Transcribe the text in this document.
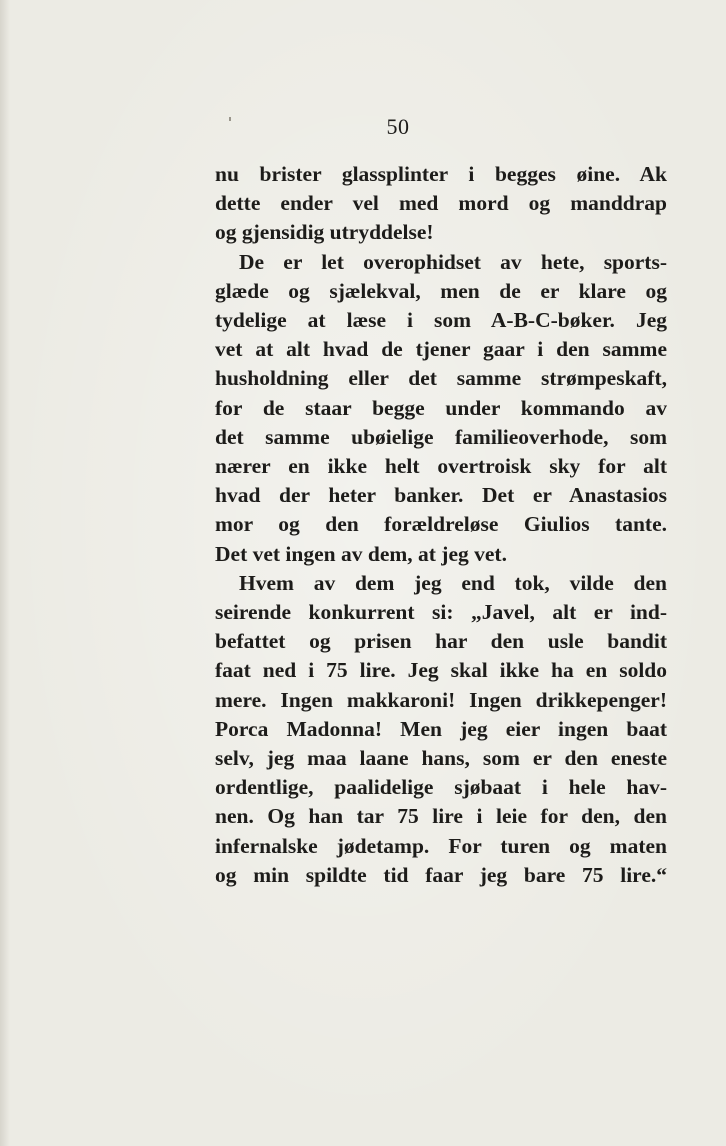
50
nu brister glassplinter i begges øine. Ak
dette ender vel med mord og manddrap
og gjensidig utryddelse!
De er let overophidset av hete, sports-
glæde og sjælekval, men de er klare og
tydelige at læse i som A-B-C-bøker. Jeg
vet at alt hvad de tjener gaar i den samme
husholdning eller det samme strømpeskaft,
for de staar begge under kommando av
det samme ubøielige familieoverhode, som
nærer en ikke helt overtroisk sky for alt
hvad der heter banker. Det er Anastasios
mor og den forældreløse Giulios tante.
Det vet ingen av dem, at jeg vet.
Hvem av dem jeg end tok, vilde den
seirende konkurrent si: „Javel, alt er ind-
befattet og prisen har den usle bandit
faat ned i 75 lire. Jeg skal ikke ha en soldo
mere. Ingen makkaroni! Ingen drikkepenger!
Porca Madonna! Men jeg eier ingen baat
selv, jeg maa laane hans, som er den eneste
ordentlige, paalidelige sjøbaat i hele hav-
nen. Og han tar 75 lire i leie for den, den
infernalske jødetamp. For turen og maten
og min spildte tid faar jeg bare 75 lire.“
